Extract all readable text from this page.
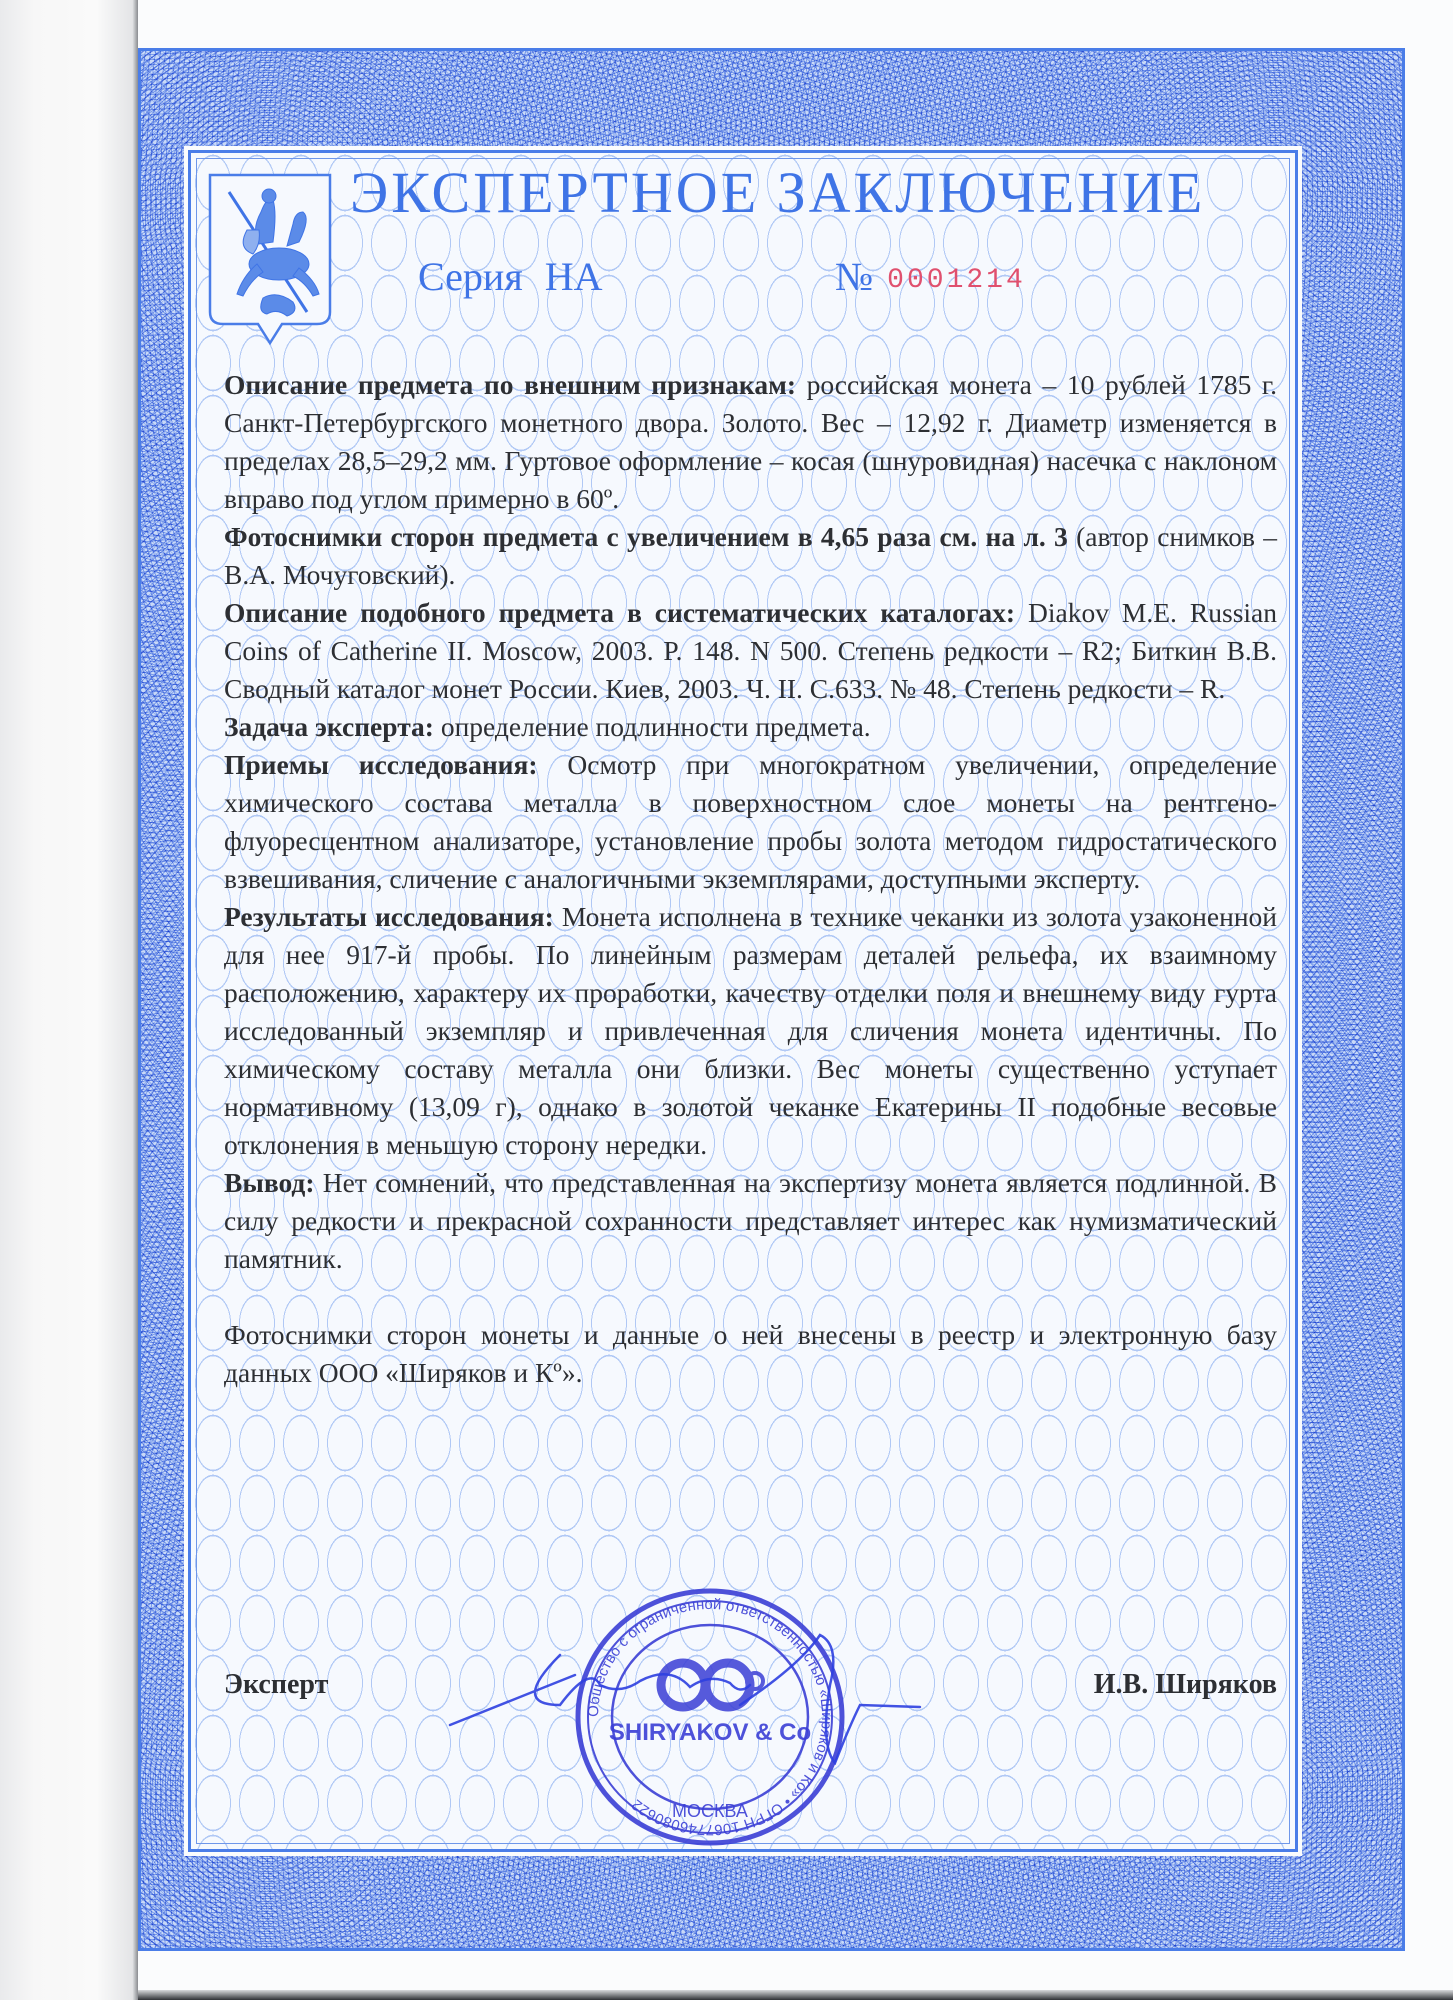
ЭКСПЕРТНОЕ ЗАКЛЮЧЕНИЕ
Серия НА	№ 0001214

Описание предмета по внешним признакам: российская монета – 10 рублей 1785 г. Санкт-Петербургского монетного двора. Золото. Вес – 12,92 г. Диаметр изменяется в пределах 28,5–29,2 мм. Гуртовое оформление – косая (шнуровидная) насечка с наклоном вправо под углом примерно в 60º.

Фотоснимки сторон предмета с увеличением в 4,65 раза см. на л. 3 (автор снимков – В.А. Мочуговский).

Описание подобного предмета в систематических каталогах: Diakov M.E. Russian Coins of Catherine II. Moscow, 2003. P. 148. N 500. Степень редкости – R2; Биткин В.В. Сводный каталог монет России. Киев, 2003. Ч. II. С.633. № 48. Степень редкости – R.

Задача эксперта: определение подлинности предмета.

Приемы исследования: Осмотр при многократном увеличении, определение химического состава металла в поверхностном слое монеты на рентгено-флуоресцентном анализаторе, установление пробы золота методом гидростатического взвешивания, сличение с аналогичными экземплярами, доступными эксперту.

Результаты исследования: Монета исполнена в технике чеканки из золота узаконенной для нее 917-й пробы. По линейным размерам деталей рельефа, их взаимному расположению, характеру их проработки, качеству отделки поля и внешнему виду гурта исследованный экземпляр и привлеченная для сличения монета идентичны. По химическому составу металла они близки. Вес монеты существенно уступает нормативному (13,09 г), однако в золотой чеканке Екатерины II подобные весовые отклонения в меньшую сторону нередки.

Вывод: Нет сомнений, что представленная на экспертизу монета является подлинной. В силу редкости и прекрасной сохранности представляет интерес как нумизматический памятник.

Фотоснимки сторон монеты и данные о ней внесены в реестр и электронную базу данных ООО «Ширяков и Кº».

Общество с ограниченной ответственностью «Ширяков и Ко» • ОГРН 1067746080622
SHIRYAKOV & Co
МОСКВА
Эксперт	И.В. Ширяков
